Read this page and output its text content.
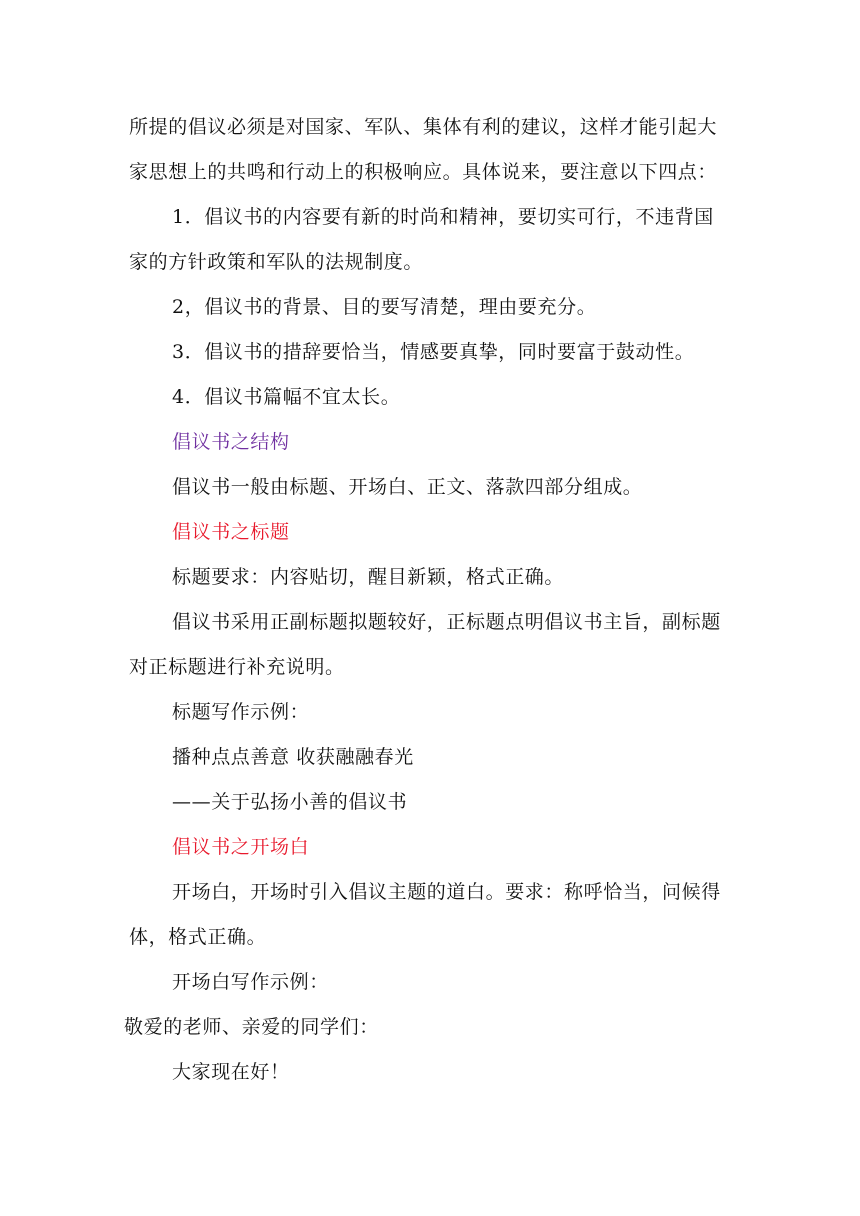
所提的倡议必须是对国家、军队、集体有利的建议，这样才能引起大
家思想上的共鸣和行动上的积极响应。具体说来，要注意以下四点：
1．倡议书的内容要有新的时尚和精神，要切实可行，不违背国
家的方针政策和军队的法规制度。
2，倡议书的背景、目的要写清楚，理由要充分。
3．倡议书的措辞要恰当，情感要真挚，同时要富于鼓动性。
4．倡议书篇幅不宜太长。
倡议书之结构
倡议书一般由标题、开场白、正文、落款四部分组成。
倡议书之标题
标题要求：内容贴切，醒目新颖，格式正确。
倡议书采用正副标题拟题较好，正标题点明倡议书主旨，副标题
对正标题进行补充说明。
标题写作示例：
播种点点善意 收获融融春光
——关于弘扬小善的倡议书
倡议书之开场白
开场白，开场时引入倡议主题的道白。要求：称呼恰当，问候得
体，格式正确。
开场白写作示例：
敬爱的老师、亲爱的同学们：
大家现在好！
